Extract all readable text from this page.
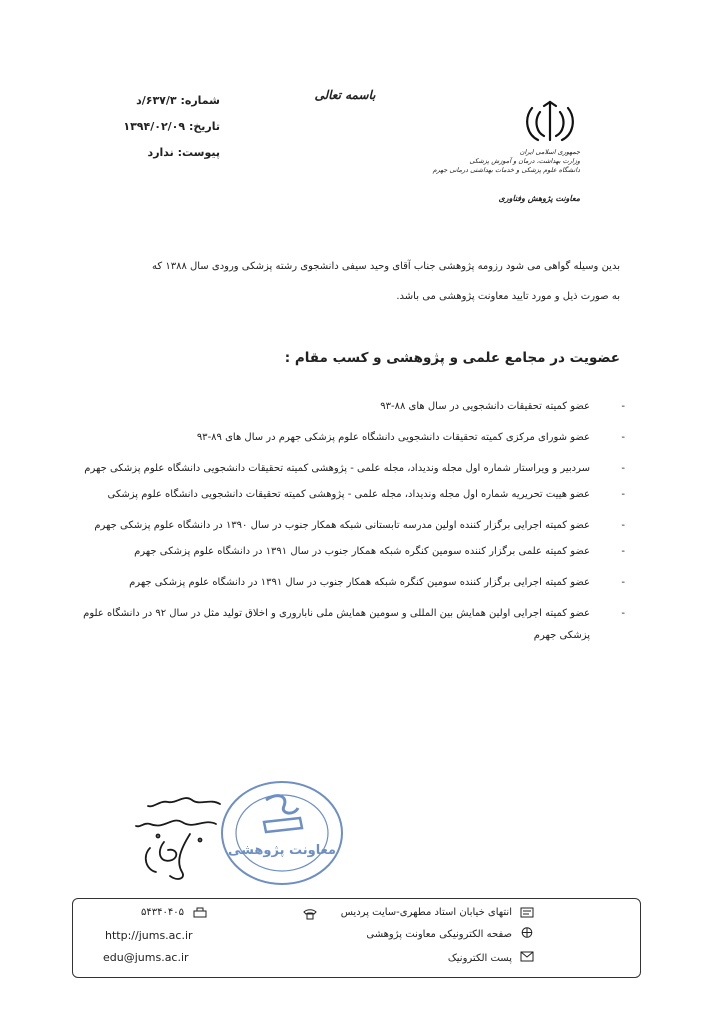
شماره: ۶۳۷/۳/د
تاریخ: ۱۳۹۴/۰۲/۰۹
پیوست: ندارد
باسمه تعالی
جمهوری اسلامی ایران
وزارت بهداشت، درمان و آموزش پزشکی
دانشگاه علوم پزشکی و خدمات بهداشتی درمانی جهرم
معاونت پژوهش وفناوری
بدین وسیله گواهی می شود رزومه پژوهشی جناب آقای وحید سیفی دانشجوی رشته پزشکی ورودی سال ۱۳۸۸ که
به صورت ذیل و مورد تایید معاونت پژوهشی می باشد.
عضویت در مجامع علمی و پژوهشی و کسب مقام :
-
عضو کمیته تحقیقات دانشجویی در سال های ۸۸-۹۳
-
عضو شورای مرکزی کمیته تحقیقات دانشجویی دانشگاه علوم پزشکی جهرم در سال های ۸۹-۹۳
-
سردبیر و ویراستار شماره اول مجله وندیداد، مجله علمی - پژوهشی کمیته تحقیقات دانشجویی دانشگاه علوم پزشکی جهرم
-
عضو هییت تحریریه شماره اول مجله وندیداد، مجله علمی - پژوهشی کمیته تحقیقات دانشجویی دانشگاه علوم پزشکی
-
عضو کمیته اجرایی برگزار کننده اولین مدرسه تابستانی شبکه همکار جنوب در سال ۱۳۹۰ در دانشگاه علوم پزشکی جهرم
-
عضو کمیته علمی برگزار کننده سومین کنگره شبکه همکار جنوب در سال ۱۳۹۱ در دانشگاه علوم پزشکی جهرم
-
عضو کمیته اجرایی برگزار کننده سومین کنگره شبکه همکار جنوب در سال ۱۳۹۱ در دانشگاه علوم پزشکی جهرم
-
عضو کمیته اجرایی اولین همایش بین المللی و سومین همایش ملی ناباروری و اخلاق تولید مثل در سال ۹۲ در دانشگاه علوم پزشکی جهرم
معاونت پژوهشی
انتهای خیابان استاد مطهری-سایت پردیس
صفحه الکترونیکی معاونت پژوهشی
پست الکترونیک
۵۴۳۴۰۴۰۵
http://jums.ac.ir
edu@jums.ac.ir
